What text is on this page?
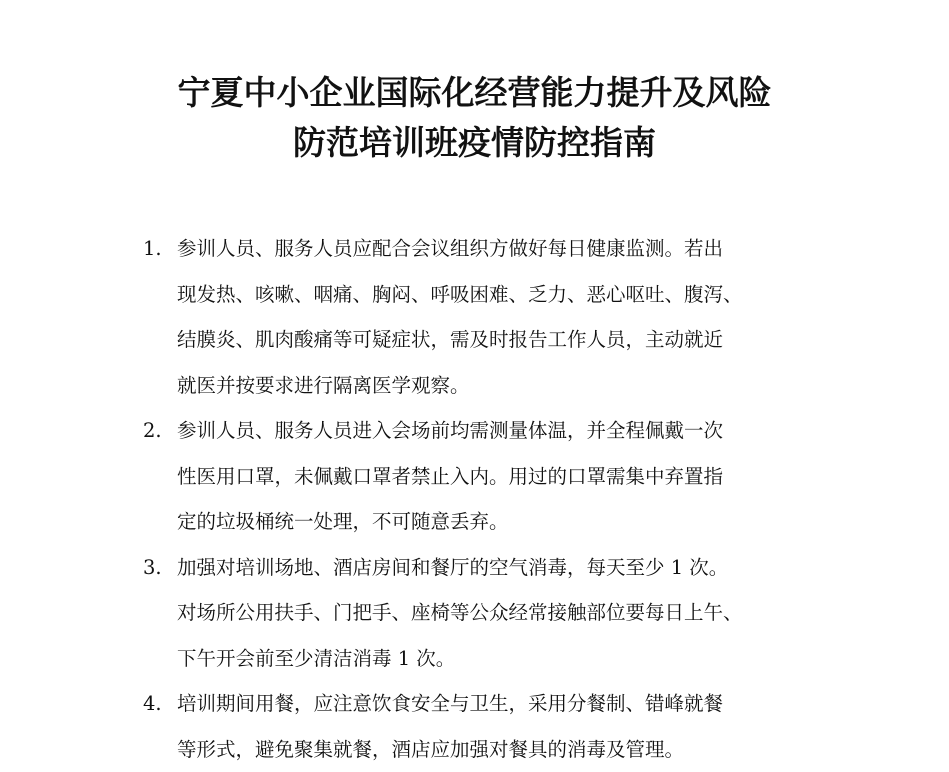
宁夏中小企业国际化经营能力提升及风险
防范培训班疫情防控指南
1. 参训人员、服务人员应配合会议组织方做好每日健康监测。若出
现发热、咳嗽、咽痛、胸闷、呼吸困难、乏力、恶心呕吐、腹泻、
结膜炎、肌肉酸痛等可疑症状，需及时报告工作人员，主动就近
就医并按要求进行隔离医学观察。
2. 参训人员、服务人员进入会场前均需测量体温，并全程佩戴一次
性医用口罩，未佩戴口罩者禁止入内。用过的口罩需集中弃置指
定的垃圾桶统一处理，不可随意丢弃。
3. 加强对培训场地、酒店房间和餐厅的空气消毒，每天至少 1 次。
对场所公用扶手、门把手、座椅等公众经常接触部位要每日上午、
下午开会前至少清洁消毒 1 次。
4. 培训期间用餐，应注意饮食安全与卫生，采用分餐制、错峰就餐
等形式，避免聚集就餐，酒店应加强对餐具的消毒及管理。
